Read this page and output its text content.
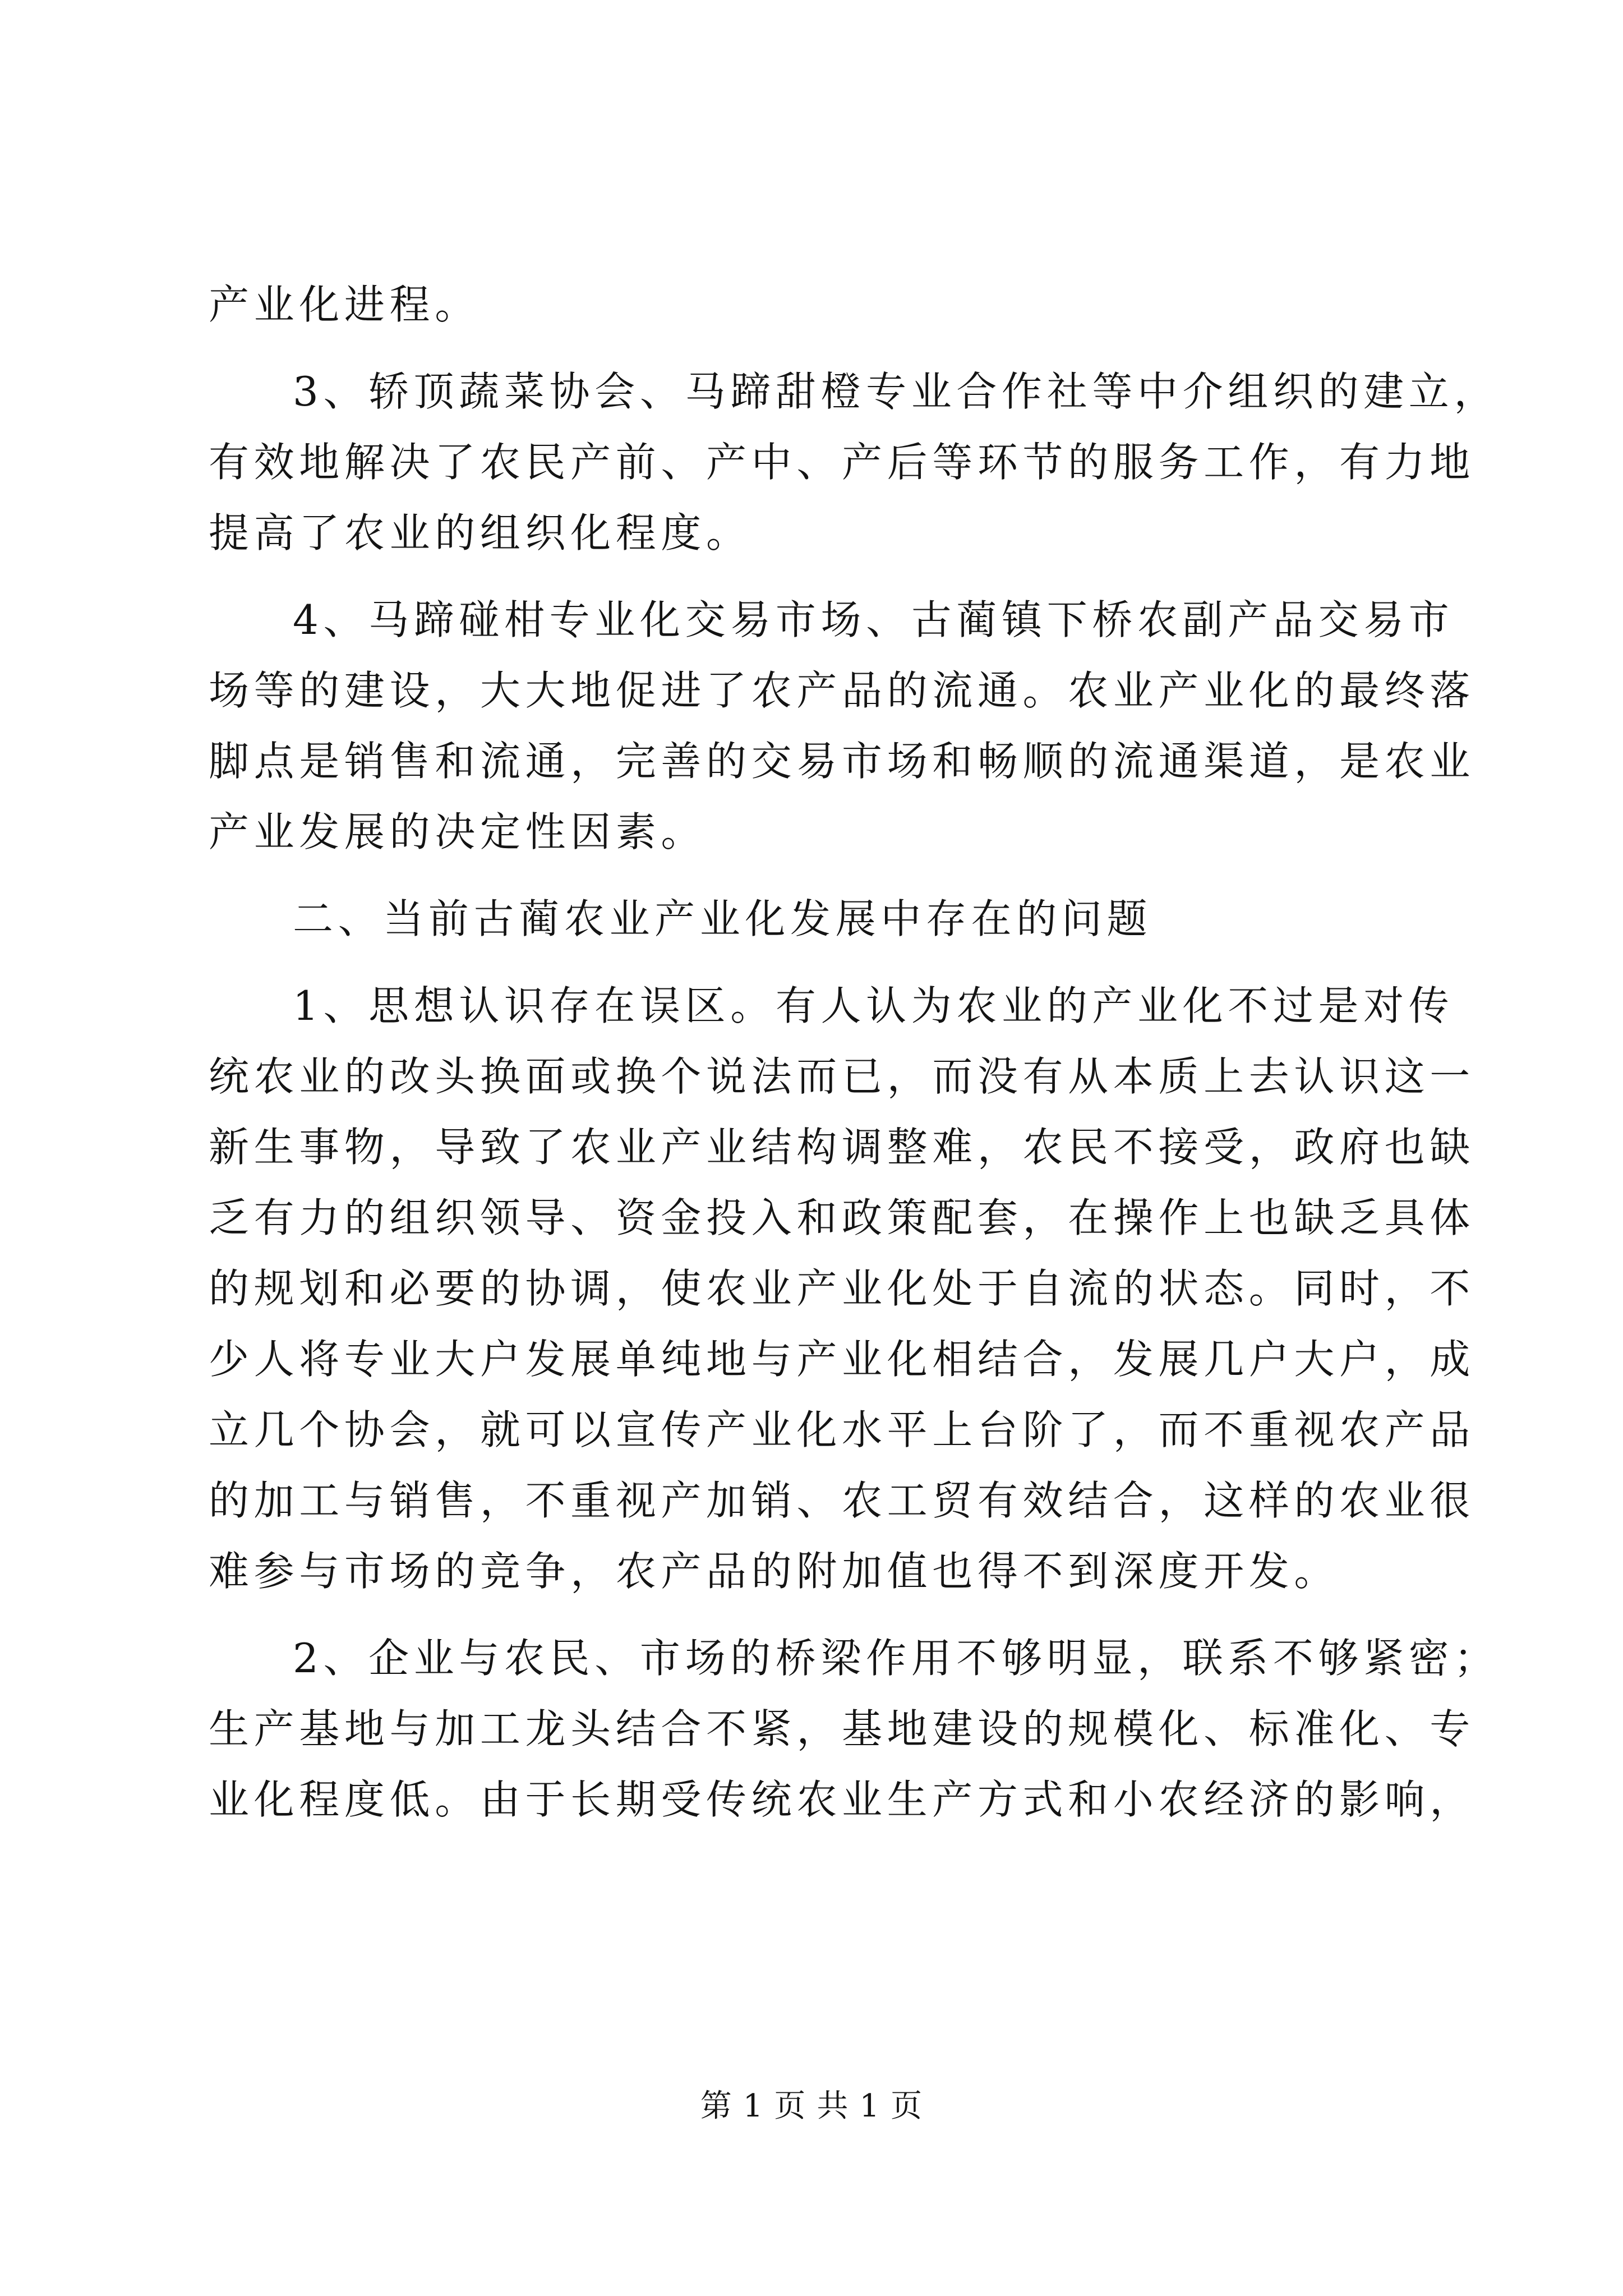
产业化进程。
3、轿顶蔬菜协会、马蹄甜橙专业合作社等中介组织的建立，
有效地解决了农民产前、产中、产后等环节的服务工作，有力地
提高了农业的组织化程度。
4、马蹄碰柑专业化交易市场、古蔺镇下桥农副产品交易市
场等的建设，大大地促进了农产品的流通。农业产业化的最终落
脚点是销售和流通，完善的交易市场和畅顺的流通渠道，是农业
产业发展的决定性因素。
二、当前古蔺农业产业化发展中存在的问题
1、思想认识存在误区。有人认为农业的产业化不过是对传
统农业的改头换面或换个说法而已，而没有从本质上去认识这一
新生事物，导致了农业产业结构调整难，农民不接受，政府也缺
乏有力的组织领导、资金投入和政策配套，在操作上也缺乏具体
的规划和必要的协调，使农业产业化处于自流的状态。同时，不
少人将专业大户发展单纯地与产业化相结合，发展几户大户，成
立几个协会，就可以宣传产业化水平上台阶了，而不重视农产品
的加工与销售，不重视产加销、农工贸有效结合，这样的农业很
难参与市场的竞争，农产品的附加值也得不到深度开发。
2、企业与农民、市场的桥梁作用不够明显，联系不够紧密；
生产基地与加工龙头结合不紧，基地建设的规模化、标准化、专
业化程度低。由于长期受传统农业生产方式和小农经济的影响，
第 1 页 共 1 页
